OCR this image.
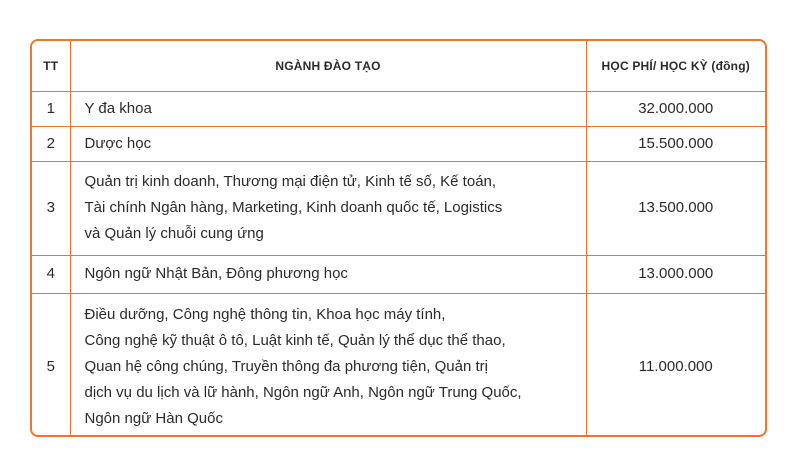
TT	NGÀNH ĐÀO TẠO	HỌC PHÍ/ HỌC KỲ (đồng)
1	Y đa khoa	32.000.000
2	Dược học	15.500.000
3	Quản trị kinh doanh, Thương mại điện tử, Kinh tế số, Kế toán,
Tài chính Ngân hàng, Marketing, Kinh doanh quốc tế, Logistics
và Quản lý chuỗi cung ứng	13.500.000
4	Ngôn ngữ Nhật Bản, Đông phương học	13.000.000
5	Điều dưỡng, Công nghệ thông tin, Khoa học máy tính,
Công nghệ kỹ thuật ô tô, Luật kinh tế, Quản lý thể dục thể thao,
Quan hệ công chúng, Truyền thông đa phương tiện, Quản trị
dịch vụ du lịch và lữ hành, Ngôn ngữ Anh, Ngôn ngữ Trung Quốc,
Ngôn ngữ Hàn Quốc	11.000.000
